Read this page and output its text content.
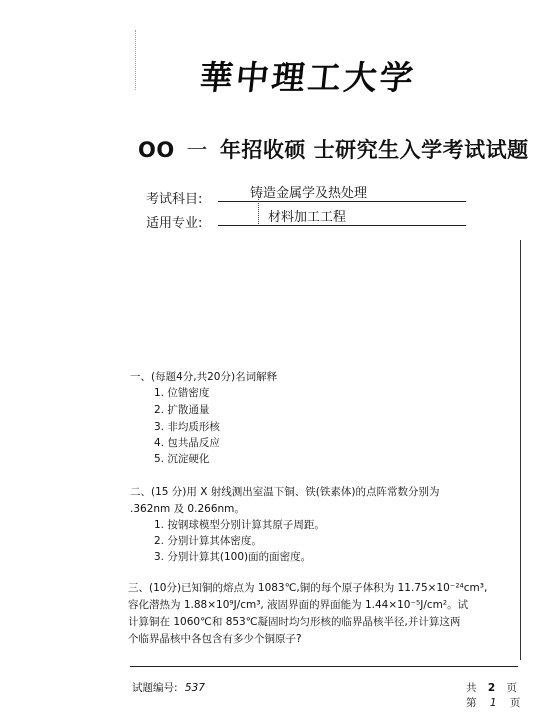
華中理工大学
OO 一 年招收硕 士研究生入学考试试题
考试科目:	铸造金属学及热处理
适用专业:	材料加工工程
一、(每题4分,共20分)名词解释
1. 位错密度
2. 扩散通量
3. 非均质形核
4. 包共晶反应
5. 沉淀硬化
二、(15 分)用 X 射线测出室温下铜、铁(铁素体)的点阵常数分别为
.362nm 及 0.266nm。
1. 按钢球模型分别计算其原子周距。
2. 分别计算其体密度。
3. 分别计算其(100)面的面密度。
三、(10分)已知铜的熔点为 1083℃,铜的每个原子体积为 11.75×10⁻²⁴cm³,
容化潜热为 1.88×10⁹J/cm³, 液固界面的界面能为 1.44×10⁻⁵J/cm²。试
计算铜在 1060℃和 853℃凝固时均匀形核的临界晶核半径,并计算这两
个临界晶核中各包含有多少个铜原子?
试题编号: 537	共 2 页
第 1 页
